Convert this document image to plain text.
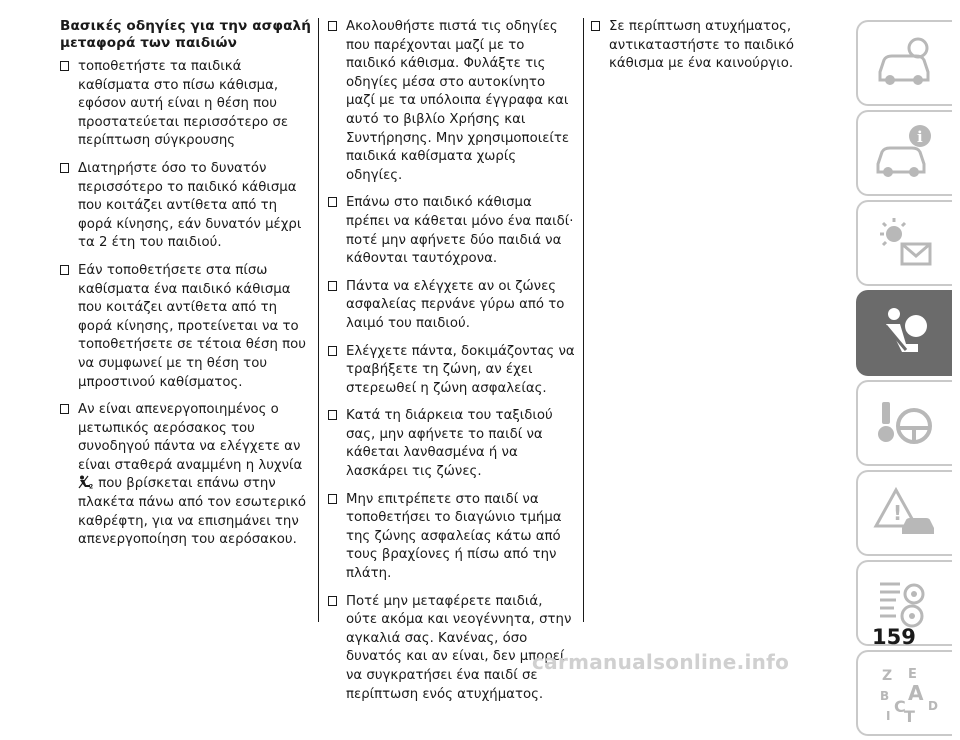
Βασικές οδηγίες για την ασφαλή μεταφορά των παιδιών
τοποθετήστε τα παιδικά καθίσματα στο πίσω κάθισμα, εφόσον αυτή είναι η θέση που προστατεύεται περισσότερο σε περίπτωση σύγκρουσης
Διατηρήστε όσο το δυνατόν περισσότερο το παιδικό κάθισμα που κοιτάζει αντίθετα από τη φορά κίνησης, εάν δυνατόν μέχρι τα 2 έτη του παιδιού.
Εάν τοποθετήσετε στα πίσω καθίσματα ένα παιδικό κάθισμα που κοιτάζει αντίθετα από τη φορά κίνησης, προτείνεται να το τοποθετήσετε σε τέτοια θέση που να συμφωνεί με τη θέση του μπροστινού καθίσματος.
Αν είναι απενεργοποιημένος ο μετωπικός αερόσακος του συνοδηγού πάντα να ελέγχετε αν είναι σταθερά αναμμένη η λυχνία

2 που βρίσκεται επάνω στην πλακέτα πάνω από τον εσωτερικό καθρέφτη, για να επισημάνει την απενεργοποίηση του αερόσακου.
Ακολουθήστε πιστά τις οδηγίες που παρέχονται μαζί με το παιδικό κάθισμα. Φυλάξτε τις οδηγίες μέσα στο αυτοκίνητο μαζί με τα υπόλοιπα έγγραφα και αυτό το βιβλίο Χρήσης και Συντήρησης. Μην χρησιμοποιείτε παιδικά καθίσματα χωρίς οδηγίες.
Επάνω στο παιδικό κάθισμα πρέπει να κάθεται μόνο ένα παιδί· ποτέ μην αφήνετε δύο παιδιά να κάθονται ταυτόχρονα.
Πάντα να ελέγχετε αν οι ζώνες ασφαλείας περνάνε γύρω από το λαιμό του παιδιού.
Ελέγχετε πάντα, δοκιμάζοντας να τραβήξετε τη ζώνη, αν έχει στερεωθεί η ζώνη ασφαλείας.
Κατά τη διάρκεια του ταξιδιού σας, μην αφήνετε το παιδί να κάθεται λανθασμένα ή να λασκάρει τις ζώνες.
Μην επιτρέπετε στο παιδί να τοποθετήσει το διαγώνιο τμήμα της ζώνης ασφαλείας κάτω από τους βραχίονες ή πίσω από την πλάτη.
Ποτέ μην μεταφέρετε παιδιά, ούτε ακόμα και νεογέννητα, στην αγκαλιά σας. Κανένας, όσο δυνατός και αν είναι, δεν μπορεί να συγκρατήσει ένα παιδί σε περίπτωση ενός ατυχήματος.
Σε περίπτωση ατυχήματος, αντικαταστήστε το παιδικό κάθισμα με ένα καινούργιο.
i
!
Z E
A
B
D
C
T
I
159
carmanualsonline.info
